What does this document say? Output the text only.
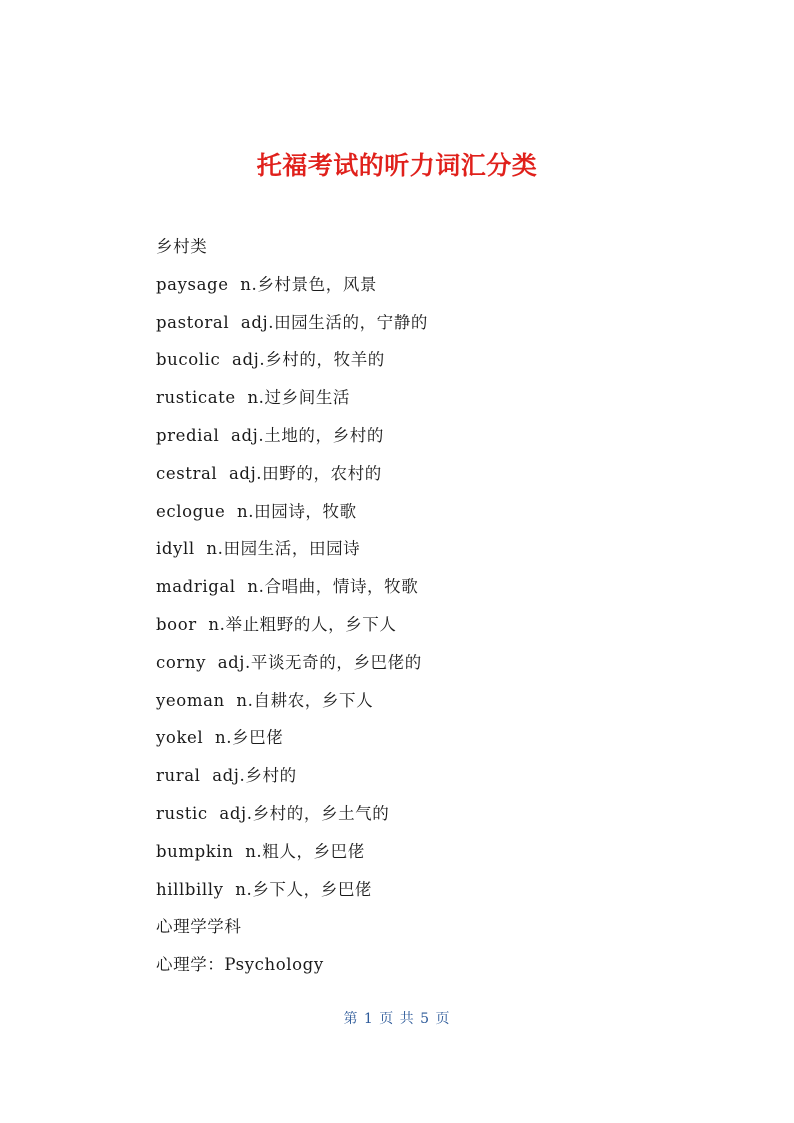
托福考试的听力词汇分类
乡村类
paysage  n.乡村景色，风景
pastoral  adj.田园生活的，宁静的
bucolic  adj.乡村的，牧羊的
rusticate  n.过乡间生活
predial  adj.土地的，乡村的
cestral  adj.田野的，农村的
eclogue  n.田园诗，牧歌
idyll  n.田园生活，田园诗
madrigal  n.合唱曲，情诗，牧歌
boor  n.举止粗野的人，乡下人
corny  adj.平谈无奇的，乡巴佬的
yeoman  n.自耕农，乡下人
yokel  n.乡巴佬
rural  adj.乡村的
rustic  adj.乡村的，乡土气的
bumpkin  n.粗人，乡巴佬
hillbilly  n.乡下人，乡巴佬
心理学学科
心理学：Psychology
第 1 页 共 5 页
